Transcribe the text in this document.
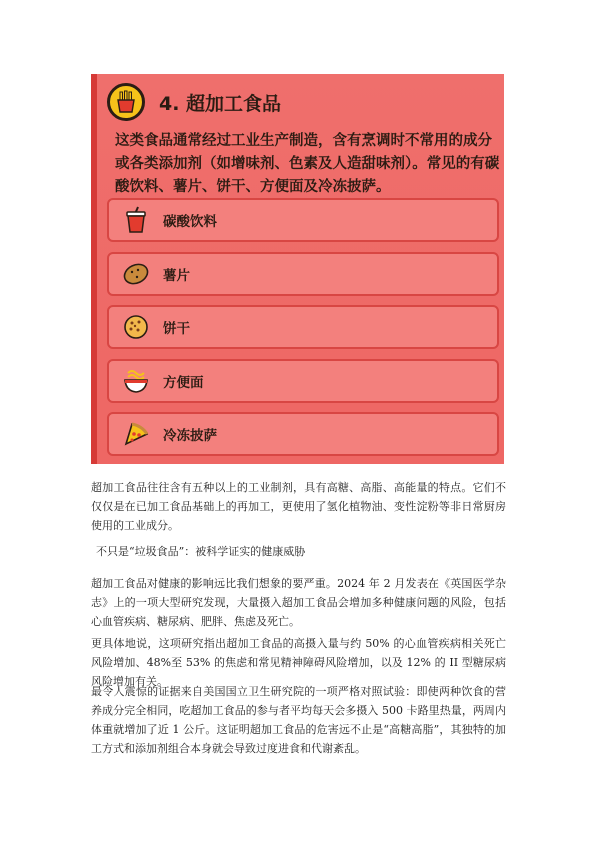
4. 超加工食品
这类食品通常经过工业生产制造，含有烹调时不常用的成分或各类添加剂（如增味剂、色素及人造甜味剂）。常见的有碳酸饮料、薯片、饼干、方便面及冷冻披萨。
碳酸饮料
薯片
饼干
方便面
冷冻披萨

超加工食品往往含有五种以上的工业制剂，具有高糖、高脂、高能量的特点。它们不仅仅是在已加工食品基础上的再加工，更使用了氢化植物油、变性淀粉等非日常厨房使用的工业成分。

不只是“垃圾食品”：被科学证实的健康威胁

超加工食品对健康的影响远比我们想象的要严重。2024 年 2 月发表在《英国医学杂志》上的一项大型研究发现，大量摄入超加工食品会增加多种健康问题的风险，包括心血管疾病、糖尿病、肥胖、焦虑及死亡。

更具体地说，这项研究指出超加工食品的高摄入量与约 50% 的心血管疾病相关死亡风险增加、48%至 53% 的焦虑和常见精神障碍风险增加，以及 12% 的 II 型糖尿病风险增加有关。

最令人震惊的证据来自美国国立卫生研究院的一项严格对照试验：即使两种饮食的营养成分完全相同，吃超加工食品的参与者平均每天会多摄入 500 卡路里热量，两周内体重就增加了近 1 公斤。这证明超加工食品的危害远不止是“高糖高脂”，其独特的加工方式和添加剂组合本身就会导致过度进食和代谢紊乱。
